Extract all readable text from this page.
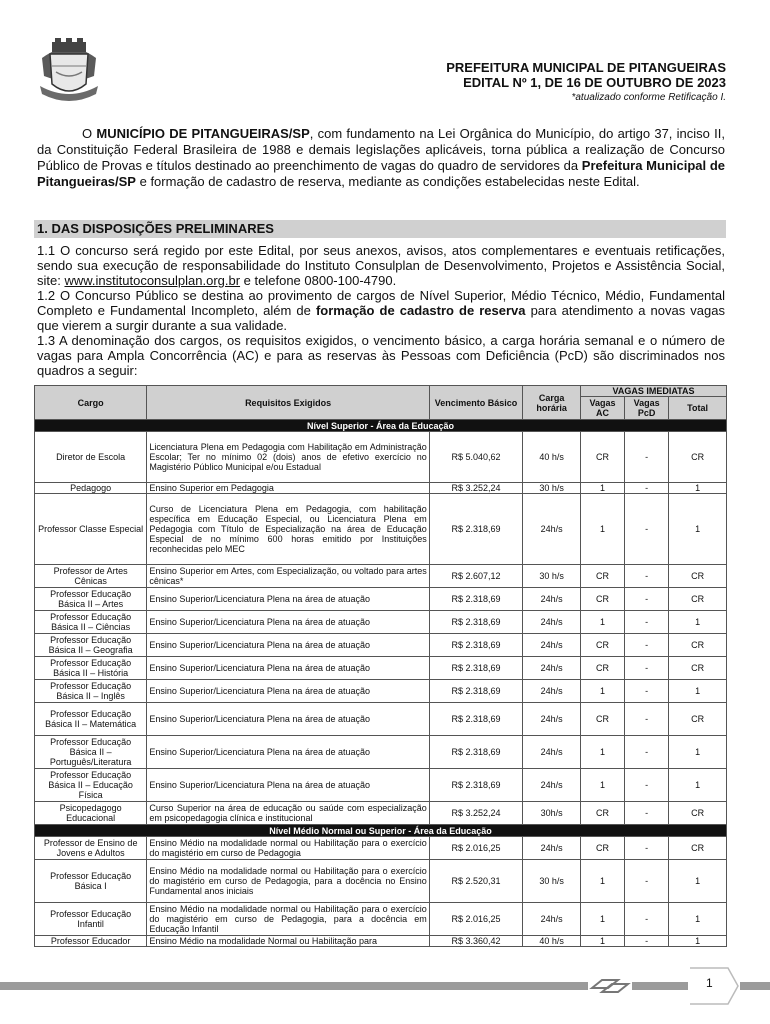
PREFEITURA MUNICIPAL DE PITANGUEIRAS
EDITAL Nº 1, DE 16 DE OUTUBRO DE 2023
*atualizado conforme Retificação I.
O MUNICÍPIO DE PITANGUEIRAS/SP, com fundamento na Lei Orgânica do Município, do artigo 37, inciso II, da Constituição Federal Brasileira de 1988 e demais legislações aplicáveis, torna pública a realização de Concurso Público de Provas e títulos destinado ao preenchimento de vagas do quadro de servidores da Prefeitura Municipal de Pitangueiras/SP e formação de cadastro de reserva, mediante as condições estabelecidas neste Edital.
1. DAS DISPOSIÇÕES PRELIMINARES

1.1 O concurso será regido por este Edital, por seus anexos, avisos, atos complementares e eventuais retificações, sendo sua execução de responsabilidade do Instituto Consulplan de Desenvolvimento, Projetos e Assistência Social, site: www.institutoconsulplan.org.br e telefone 0800-100-4790.

1.2 O Concurso Público se destina ao provimento de cargos de Nível Superior, Médio Técnico, Médio, Fundamental Completo e Fundamental Incompleto, além de formação de cadastro de reserva para atendimento a novas vagas que vierem a surgir durante a sua validade.

1.3 A denominação dos cargos, os requisitos exigidos, o vencimento básico, a carga horária semanal e o número de vagas para Ampla Concorrência (AC) e para as reservas às Pessoas com Deficiência (PcD) são discriminados nos quadros a seguir:

Cargo	Requisitos Exigidos	Vencimento Básico	Carga horária	VAGAS IMEDIATAS		
				Vagas AC	Vagas PcD	Total
Nível Superior - Área da Educação						
Diretor de Escola	Licenciatura Plena em Pedagogia com Habilitação em Administração Escolar; Ter no mínimo 02 (dois) anos de efetivo exercício no Magistério Público Municipal e/ou Estadual	R$ 5.040,62	40 h/s	CR	-	CR
Pedagogo	Ensino Superior em Pedagogia	R$ 3.252,24	30 h/s	1	-	1
Professor Classe Especial	Curso de Licenciatura Plena em Pedagogia, com habilitação específica em Educação Especial, ou Licenciatura Plena em Pedagogia com Título de Especialização na área de Educação Especial de no mínimo 600 horas emitido por Instituições reconhecidas pelo MEC	R$ 2.318,69	24h/s	1	-	1
Professor de Artes Cênicas	Ensino Superior em Artes, com Especialização, ou voltado para artes cênicas*	R$ 2.607,12	30 h/s	CR	-	CR
Professor Educação Básica II – Artes	Ensino Superior/Licenciatura Plena na área de atuação	R$ 2.318,69	24h/s	CR	-	CR
Professor Educação Básica II – Ciências	Ensino Superior/Licenciatura Plena na área de atuação	R$ 2.318,69	24h/s	1	-	1
Professor Educação Básica II – Geografia	Ensino Superior/Licenciatura Plena na área de atuação	R$ 2.318,69	24h/s	CR	-	CR
Professor Educação Básica II – História	Ensino Superior/Licenciatura Plena na área de atuação	R$ 2.318,69	24h/s	CR	-	CR
Professor Educação Básica II – Inglês	Ensino Superior/Licenciatura Plena na área de atuação	R$ 2.318,69	24h/s	1	-	1
Professor Educação Básica II – Matemática	Ensino Superior/Licenciatura Plena na área de atuação	R$ 2.318,69	24h/s	CR	-	CR
Professor Educação Básica II – Português/Literatura	Ensino Superior/Licenciatura Plena na área de atuação	R$ 2.318,69	24h/s	1	-	1
Professor Educação Básica II – Educação Física	Ensino Superior/Licenciatura Plena na área de atuação	R$ 2.318,69	24h/s	1	-	1
Psicopedagogo Educacional	Curso Superior na área de educação ou saúde com especialização em psicopedagogia clínica e institucional	R$ 3.252,24	30h/s	CR	-	CR
Nível Médio Normal ou Superior - Área da Educação						
Professor de Ensino de Jovens e Adultos	Ensino Médio na modalidade normal ou Habilitação para o exercício do magistério em curso de Pedagogia	R$ 2.016,25	24h/s	CR	-	CR
Professor Educação Básica I	Ensino Médio na modalidade normal ou Habilitação para o exercício do magistério em curso de Pedagogia, para a docência no Ensino Fundamental anos iniciais	R$ 2.520,31	30 h/s	1	-	1
Professor Educação Infantil	Ensino Médio na modalidade normal ou Habilitação para o exercício do magistério em curso de Pedagogia, para a docência em Educação Infantil	R$ 2.016,25	24h/s	1	-	1
Professor Educador	Ensino Médio na modalidade Normal ou Habilitação para	R$ 3.360,42	40 h/s	1	-	1
1
